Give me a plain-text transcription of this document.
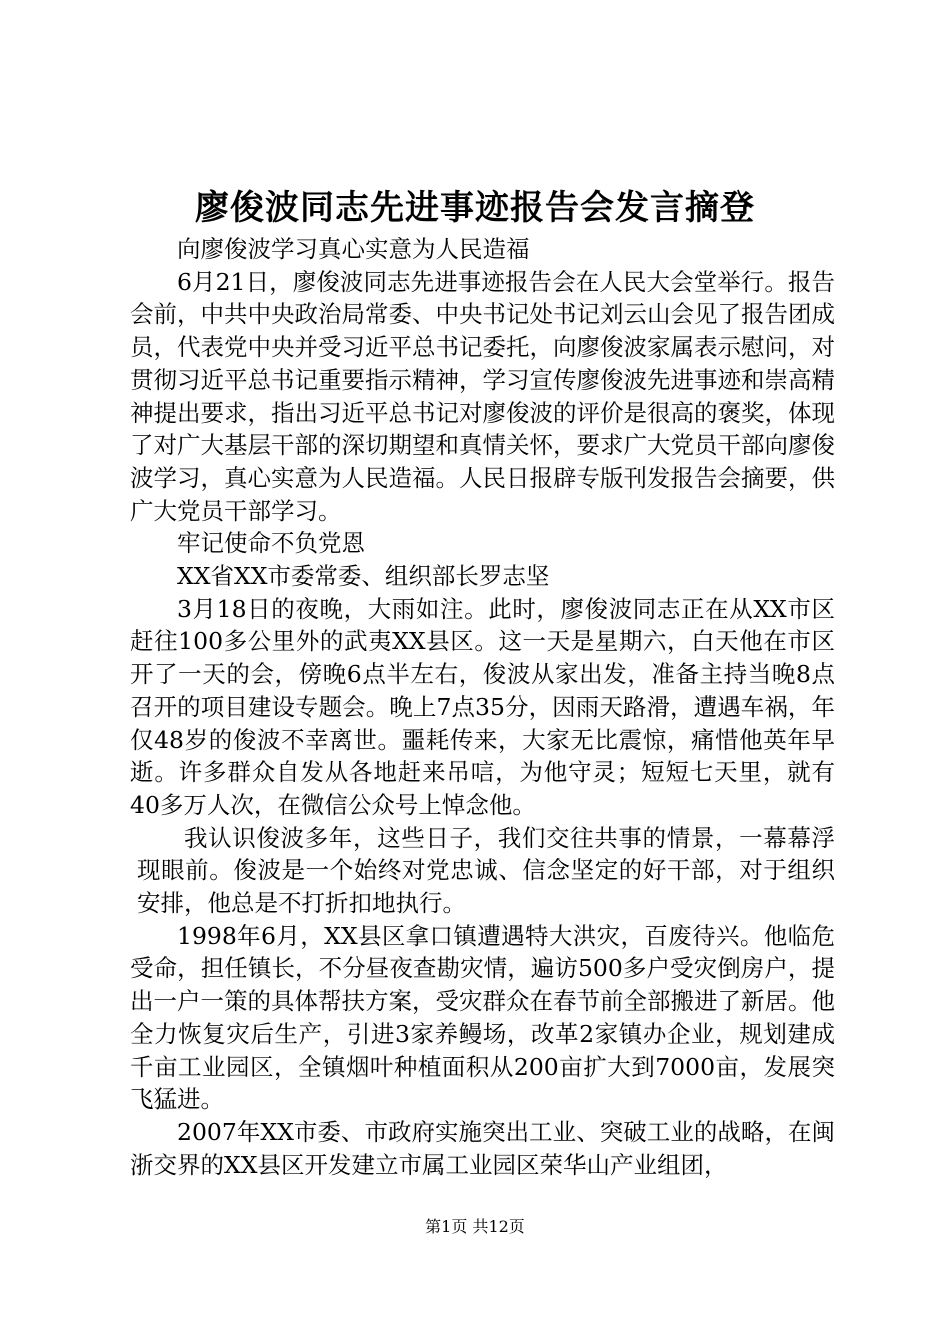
廖俊波同志先进事迹报告会发言摘登

向廖俊波学习真心实意为人民造福

6月21日，廖俊波同志先进事迹报告会在人民大会堂举行。报告会前，中共中央政治局常委、中央书记处书记刘云山会见了报告团成员，代表党中央并受习近平总书记委托，向廖俊波家属表示慰问，对贯彻习近平总书记重要指示精神，学习宣传廖俊波先进事迹和崇高精神提出要求，指出习近平总书记对廖俊波的评价是很高的褒奖，体现了对广大基层干部的深切期望和真情关怀，要求广大党员干部向廖俊波学习，真心实意为人民造福。人民日报辟专版刊发报告会摘要，供广大党员干部学习。

牢记使命不负党恩

XX省XX市委常委、组织部长罗志坚

3月18日的夜晚，大雨如注。此时，廖俊波同志正在从XX市区赶往100多公里外的武夷XX县区。这一天是星期六，白天他在市区开了一天的会，傍晚6点半左右，俊波从家出发，准备主持当晚8点召开的项目建设专题会。晚上7点35分，因雨天路滑，遭遇车祸，年仅48岁的俊波不幸离世。噩耗传来，大家无比震惊，痛惜他英年早逝。许多群众自发从各地赶来吊唁，为他守灵；短短七天里，就有40多万人次，在微信公众号上悼念他。

我认识俊波多年，这些日子，我们交往共事的情景，一幕幕浮现眼前。俊波是一个始终对党忠诚、信念坚定的好干部，对于组织安排，他总是不打折扣地执行。

1998年6月，XX县区拿口镇遭遇特大洪灾，百废待兴。他临危受命，担任镇长，不分昼夜查勘灾情，遍访500多户受灾倒房户，提出一户一策的具体帮扶方案，受灾群众在春节前全部搬进了新居。他全力恢复灾后生产，引进3家养鳗场，改革2家镇办企业，规划建成千亩工业园区，全镇烟叶种植面积从200亩扩大到7000亩，发展突飞猛进。

2007年XX市委、市政府实施突出工业、突破工业的战略，在闽浙交界的XX县区开发建立市属工业园区荣华山产业组团，

第1页 共12页
